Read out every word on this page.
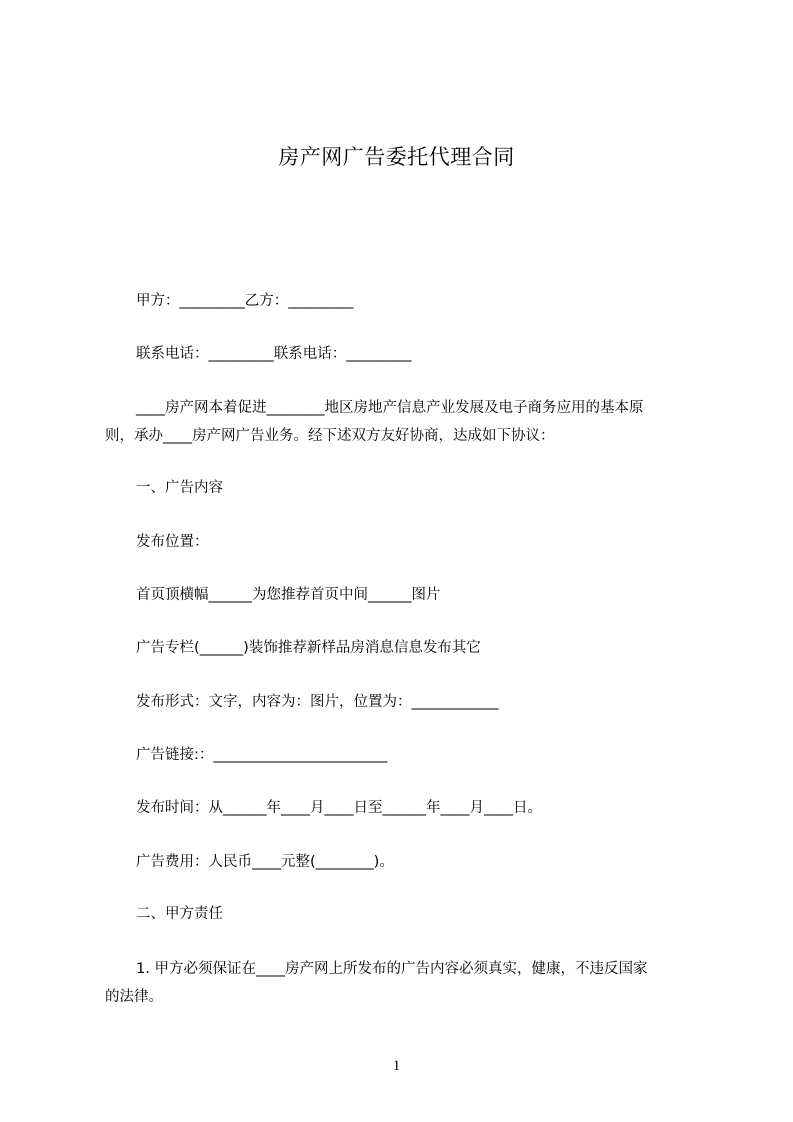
房产网广告委托代理合同
甲方：_________乙方：_________
联系电话：_________联系电话：_________
____房产网本着促进________地区房地产信息产业发展及电子商务应用的基本原
则，承办____房产网广告业务。经下述双方友好协商，达成如下协议：
一、广告内容
发布位置：
首页顶横幅______为您推荐首页中间______图片
广告专栏(______)装饰推荐新样品房消息信息发布其它
发布形式：文字，内容为：图片，位置为：____________
广告链接:：________________________
发布时间：从______年____月____日至______年____月____日。
广告费用：人民币____元整(________)。
二、甲方责任
1. 甲方必须保证在____房产网上所发布的广告内容必须真实，健康，不违反国家
的法律。
1
